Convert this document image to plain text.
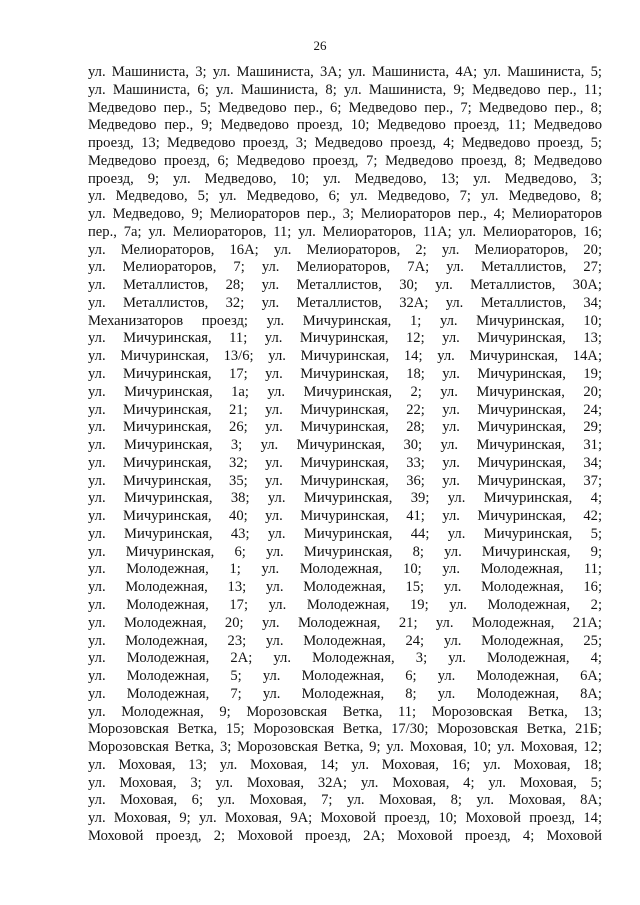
26
ул. Машиниста, 3; ул. Машиниста, 3А; ул. Машиниста, 4А; ул. Машиниста, 5;
ул. Машиниста, 6; ул. Машиниста, 8; ул. Машиниста, 9; Медведово пер., 11;
Медведово пер., 5; Медведово пер., 6; Медведово пер., 7; Медведово пер., 8;
Медведово пер., 9; Медведово проезд, 10; Медведово проезд, 11; Медведово
проезд, 13; Медведово проезд, 3; Медведово проезд, 4; Медведово проезд, 5;
Медведово проезд, 6; Медведово проезд, 7; Медведово проезд, 8; Медведово
проезд, 9; ул. Медведово, 10; ул. Медведово, 13; ул. Медведово, 3;
ул. Медведово, 5; ул. Медведово, 6; ул. Медведово, 7; ул. Медведово, 8;
ул. Медведово, 9; Мелиораторов пер., 3; Мелиораторов пер., 4; Мелиораторов
пер., 7а; ул. Мелиораторов, 11; ул. Мелиораторов, 11А; ул. Мелиораторов, 16;
ул. Мелиораторов, 16А; ул. Мелиораторов, 2; ул. Мелиораторов, 20;
ул. Мелиораторов, 7; ул. Мелиораторов, 7А; ул. Металлистов, 27;
ул. Металлистов, 28; ул. Металлистов, 30; ул. Металлистов, 30А;
ул. Металлистов, 32; ул. Металлистов, 32А; ул. Металлистов, 34;
Механизаторов проезд; ул. Мичуринская, 1; ул. Мичуринская, 10;
ул. Мичуринская, 11; ул. Мичуринская, 12; ул. Мичуринская, 13;
ул. Мичуринская, 13/6; ул. Мичуринская, 14; ул. Мичуринская, 14А;
ул. Мичуринская, 17; ул. Мичуринская, 18; ул. Мичуринская, 19;
ул. Мичуринская, 1а; ул. Мичуринская, 2; ул. Мичуринская, 20;
ул. Мичуринская, 21; ул. Мичуринская, 22; ул. Мичуринская, 24;
ул. Мичуринская, 26; ул. Мичуринская, 28; ул. Мичуринская, 29;
ул. Мичуринская, 3; ул. Мичуринская, 30; ул. Мичуринская, 31;
ул. Мичуринская, 32; ул. Мичуринская, 33; ул. Мичуринская, 34;
ул. Мичуринская, 35; ул. Мичуринская, 36; ул. Мичуринская, 37;
ул. Мичуринская, 38; ул. Мичуринская, 39; ул. Мичуринская, 4;
ул. Мичуринская, 40; ул. Мичуринская, 41; ул. Мичуринская, 42;
ул. Мичуринская, 43; ул. Мичуринская, 44; ул. Мичуринская, 5;
ул. Мичуринская, 6; ул. Мичуринская, 8; ул. Мичуринская, 9;
ул. Молодежная, 1; ул. Молодежная, 10; ул. Молодежная, 11;
ул. Молодежная, 13; ул. Молодежная, 15; ул. Молодежная, 16;
ул. Молодежная, 17; ул. Молодежная, 19; ул. Молодежная, 2;
ул. Молодежная, 20; ул. Молодежная, 21; ул. Молодежная, 21А;
ул. Молодежная, 23; ул. Молодежная, 24; ул. Молодежная, 25;
ул. Молодежная, 2А; ул. Молодежная, 3; ул. Молодежная, 4;
ул. Молодежная, 5; ул. Молодежная, 6; ул. Молодежная, 6А;
ул. Молодежная, 7; ул. Молодежная, 8; ул. Молодежная, 8А;
ул. Молодежная, 9; Морозовская Ветка, 11; Морозовская Ветка, 13;
Морозовская Ветка, 15; Морозовская Ветка, 17/30; Морозовская Ветка, 21Б;
Морозовская Ветка, 3; Морозовская Ветка, 9; ул. Моховая, 10; ул. Моховая, 12;
ул. Моховая, 13; ул. Моховая, 14; ул. Моховая, 16; ул. Моховая, 18;
ул. Моховая, 3; ул. Моховая, 32А; ул. Моховая, 4; ул. Моховая, 5;
ул. Моховая, 6; ул. Моховая, 7; ул. Моховая, 8; ул. Моховая, 8А;
ул. Моховая, 9; ул. Моховая, 9А; Моховой проезд, 10; Моховой проезд, 14;
Моховой проезд, 2; Моховой проезд, 2А; Моховой проезд, 4; Моховой
